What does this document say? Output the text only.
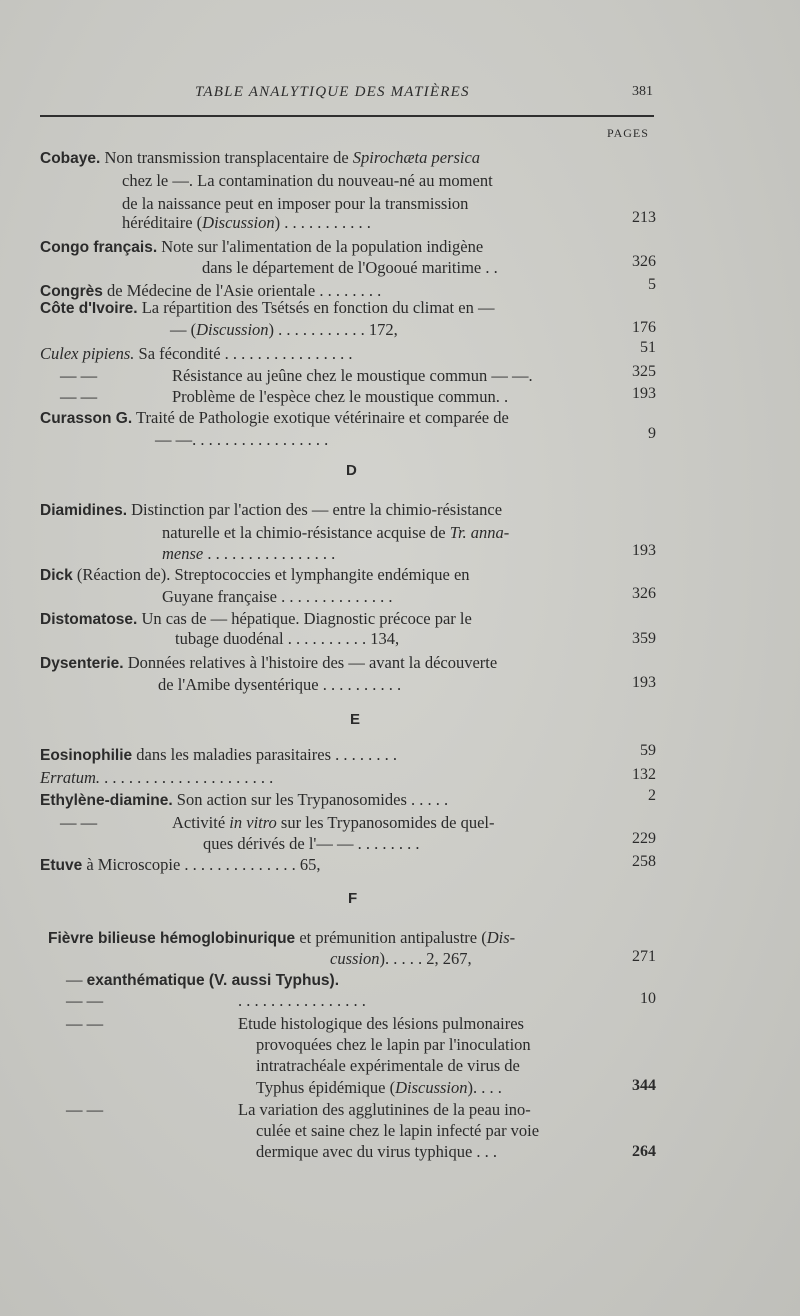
TABLE ANALYTIQUE DES MATIÈRES	381
PAGES
Cobaye. Non transmission transplacentaire de Spirochæta persica
chez le —. La contamination du nouveau-né au moment
de la naissance peut en imposer pour la transmission
héréditaire (Discussion) . . . . . . . . . . .	213
Congo français. Note sur l'alimentation de la population indigène
dans le département de l'Ogooué maritime . .	326
Congrès de Médecine de l'Asie orientale . . . . . . . .	5
Côte d'Ivoire. La répartition des Tsétsés en fonction du climat en —
— (Discussion) . . . . . . . . . . . 172,	176
Culex pipiens. Sa fécondité . . . . . . . . . . . . . . . .	51
— —	Résistance au jeûne chez le moustique commun — —.	325
— —	Problème de l'espèce chez le moustique commun. .	193
Curasson G. Traité de Pathologie exotique vétérinaire et comparée de
— —. . . . . . . . . . . . . . . . .	9
D
Diamidines. Distinction par l'action des — entre la chimio-résistance
naturelle et la chimio-résistance acquise de Tr. anna-
mense . . . . . . . . . . . . . . . .	193
Dick (Réaction de). Streptococcies et lymphangite endémique en
Guyane française . . . . . . . . . . . . . .	326
Distomatose. Un cas de — hépatique. Diagnostic précoce par le
tubage duodénal . . . . . . . . . . 134,	359
Dysenterie. Données relatives à l'histoire des — avant la découverte
de l'Amibe dysentérique . . . . . . . . . .	193
E
Eosinophilie dans les maladies parasitaires . . . . . . . .	59
Erratum. . . . . . . . . . . . . . . . . . . . . .	132
Ethylène-diamine. Son action sur les Trypanosomides . . . . .	2
— —	Activité in vitro sur les Trypanosomides de quel-
ques dérivés de l'— — . . . . . . . .	229
Etuve à Microscopie . . . . . . . . . . . . . . 65,	258
F
Fièvre bilieuse hémoglobinurique et prémunition antipalustre (Dis-
cussion). . . . . 2, 267,	271
— exanthématique (V. aussi Typhus).
— —	. . . . . . . . . . . . . . . .	10
— —	Etude histologique des lésions pulmonaires
provoquées chez le lapin par l'inoculation
intratrachéale expérimentale de virus de
Typhus épidémique (Discussion). . . .	344
— —	La variation des agglutinines de la peau ino-
culée et saine chez le lapin infecté par voie
dermique avec du virus typhique . . .	264
